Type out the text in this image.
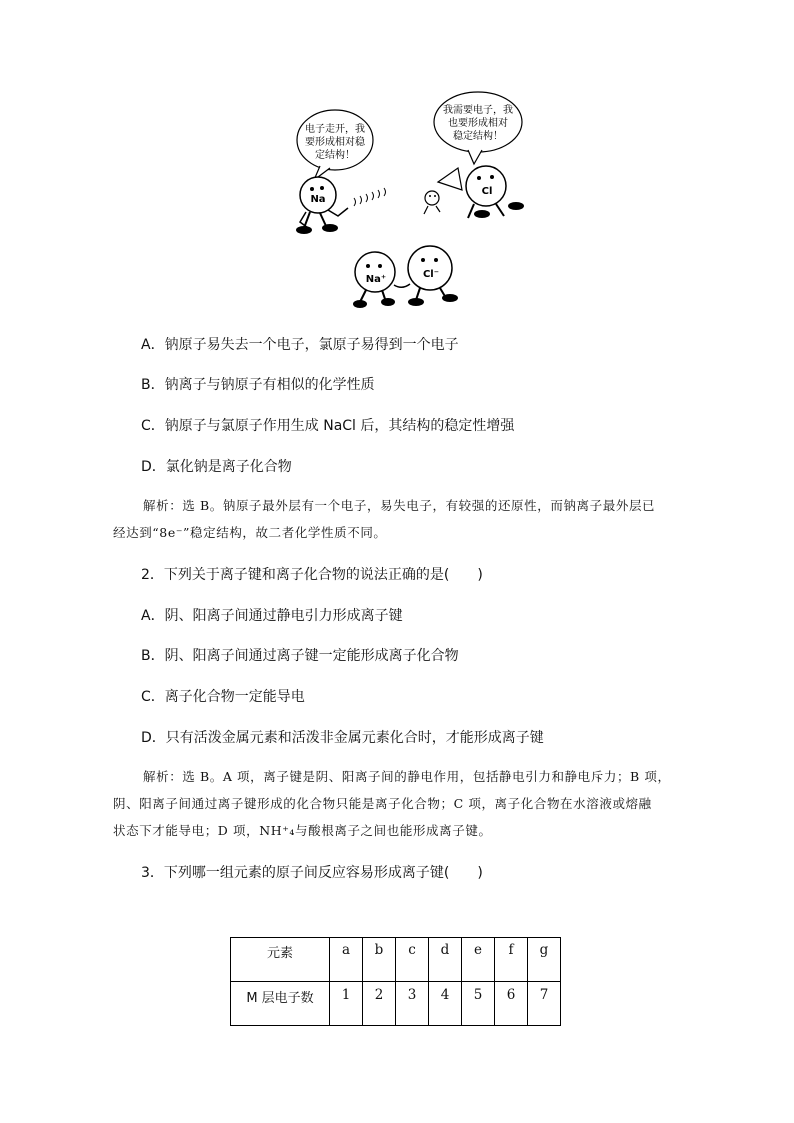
电子走开，我
要形成相对稳
定结构！
我需要电子，我
也要形成相对
稳定结构！
Na
Cl
Na⁺	Cl⁻
A．钠原子易失去一个电子，氯原子易得到一个电子
B．钠离子与钠原子有相似的化学性质
C．钠原子与氯原子作用生成 NaCl 后，其结构的稳定性增强
D．氯化钠是离子化合物
解析：选 B。钠原子最外层有一个电子，易失电子，有较强的还原性，而钠离子最外层已
经达到“8e⁻”稳定结构，故二者化学性质不同。
2．下列关于离子键和离子化合物的说法正确的是(　　)
A．阴、阳离子间通过静电引力形成离子键
B．阴、阳离子间通过离子键一定能形成离子化合物
C．离子化合物一定能导电
D．只有活泼金属元素和活泼非金属元素化合时，才能形成离子键
解析：选 B。A 项，离子键是阴、阳离子间的静电作用，包括静电引力和静电斥力；B 项，
阴、阳离子间通过离子键形成的化合物只能是离子化合物；C 项，离子化合物在水溶液或熔融
状态下才能导电；D 项，NH⁺₄与酸根离子之间也能形成离子键。
3．下列哪一组元素的原子间反应容易形成离子键(　　)
元素	a	b	c	d	e	f	g
M 层电子数	1	2	3	4	5	6	7
